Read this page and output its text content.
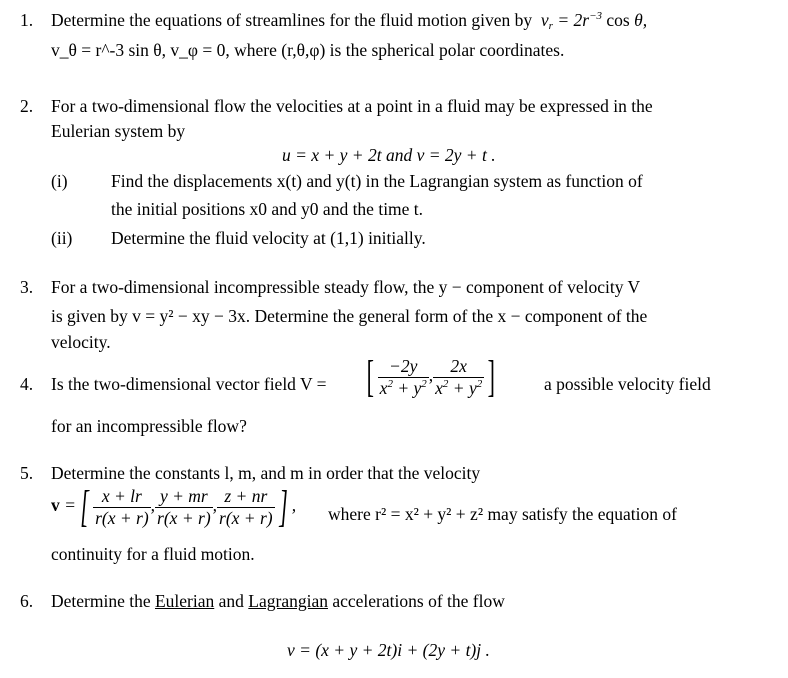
1. Determine the equations of streamlines for the fluid motion given by  $v_r = 2r^{-3}$ cos θ,
v_θ = r^-3 sin θ, v_φ = 0, where (r,θ,φ) is the spherical polar coordinates.
2. For a two-dimensional flow the velocities at a point in a fluid may be expressed in the
Eulerian system by
u = x + y + 2t and v = 2y + t .
(i) Find the displacements x(t) and y(t) in the Lagrangian system as function of
the initial positions x0 and y0 and the time t.
(ii) Determine the fluid velocity at (1,1) initially.
3. For a two-dimensional incompressible steady flow, the y − component of velocity V
is given by v = y² − xy − 3x. Determine the general form of the x − component of the
velocity.
4. Is the two-dimensional vector field V = [ $\frac{-2y}{x^2 + y^2}$ , $\frac{2x}{x^2 + y^2}$ ]	a possible velocity field
for an incompressible flow?
5. Determine the constants l, m, and m in order that the velocity
v =[ $\frac{x + lr}{r(x + r)}$ , $\frac{y + mr}{r(x + r)}$ , $\frac{z + nr}{r(x + r)}$ ] , where r² = x² + y² + z² may satisfy the equation of
continuity for a fluid motion.
6. Determine the Eulerian and Lagrangian accelerations of the flow
v = (x + y + 2t)i + (2y + t)j .
